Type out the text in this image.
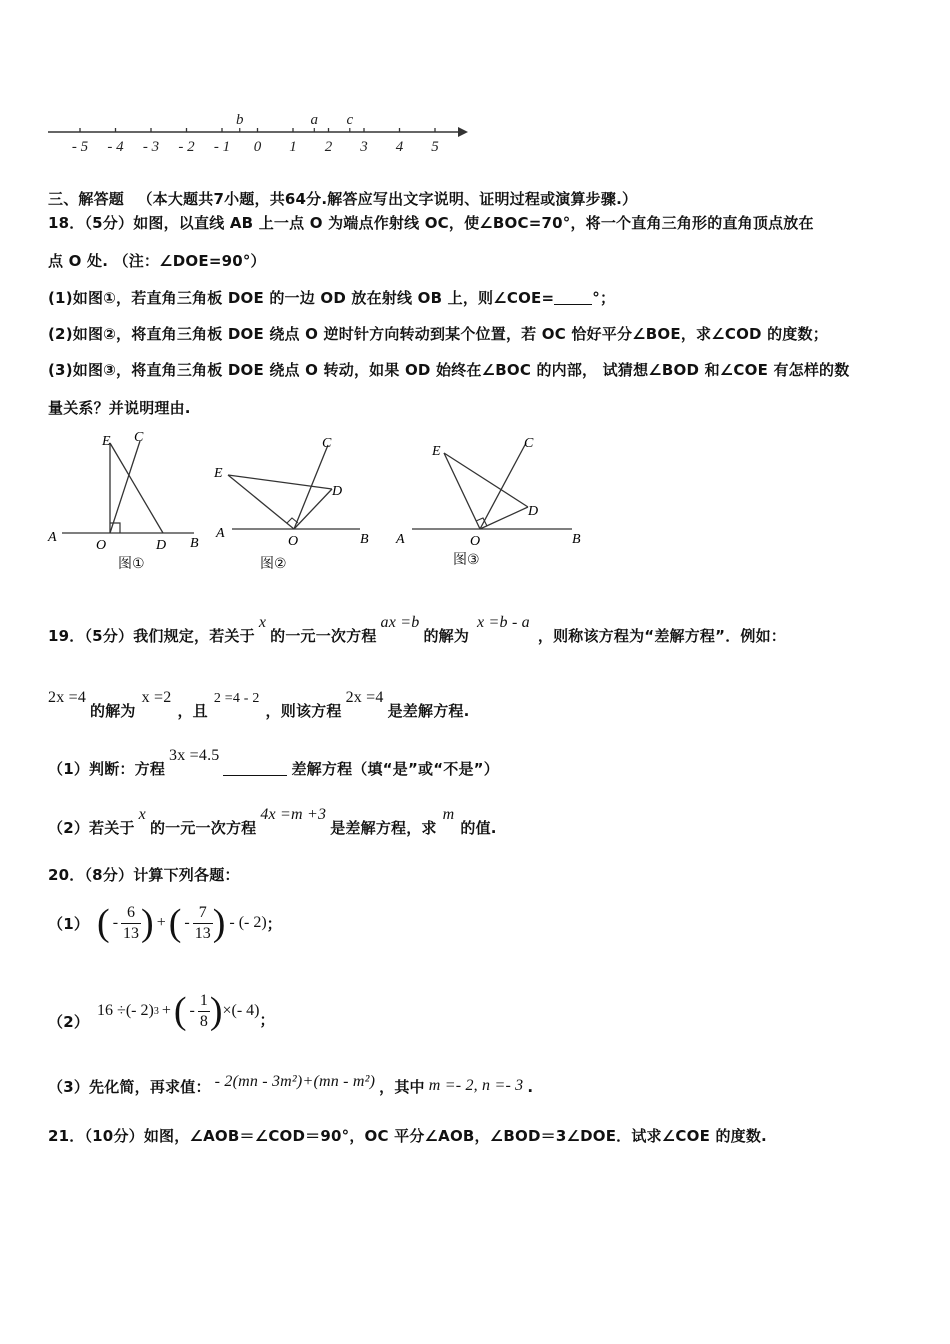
- 5 - 4 - 3 - 2 - 1 0 1 2 3 4 5
b	a c
三、解答题 （本大题共7小题，共64分.解答应写出文字说明、证明过程或演算步骤.）
18．（5分）如图，以直线 AB 上一点 O 为端点作射线 OC，使∠BOC=70°，将一个直角三角形的直角顶点放在
点 O 处. （注：∠DOE=90°）
(1)如图①，若直角三角板 DOE 的一边 OD 放在射线 OB 上，则∠COE=	°；
(2)如图②，将直角三角板 DOE 绕点 O 逆时针方向转动到某个位置，若 OC 恰好平分∠BOE，求∠COD 的度数；
(3)如图③，将直角三角板 DOE 绕点 O 转动，如果 OD 始终在∠BOC 的内部， 试猜想∠BOD 和∠COE 有怎样的数
量关系？并说明理由.
A
E C
O	D B
图①
A
E
C
D
O	B
图②
A
E
C
D
O	B
图③
19．（5分）我们规定，若关于x的一元一次方程ax =b的解为x =b - a，则称该方程为“差解方程”．例如：
2x =4的解为x =2，且2 =4 - 2，则该方程2x =4是差解方程.
（1）判断：方程3x =4.5差解方程（填“是”或“不是”）
（2）若关于x的一元一次方程4x =m +3是差解方程，求m的值.
20．（8分）计算下列各题：
（1） ( - $\frac{6}{13}$ ) + ( - $\frac{7}{13}$ ) - (- 2) ；
（2）
16 ÷(- 2) 3 + ( - $\frac{1}{8}$ ) ×(- 4)
；
（3）先化简，再求值： - 2(mn - 3m²)+(mn - m²) ，其中 m =- 2, n =- 3 .
21．（10分）如图，∠AOB＝∠COD＝90°，OC 平分∠AOB，∠BOD＝3∠DOE．试求∠COE 的度数.
